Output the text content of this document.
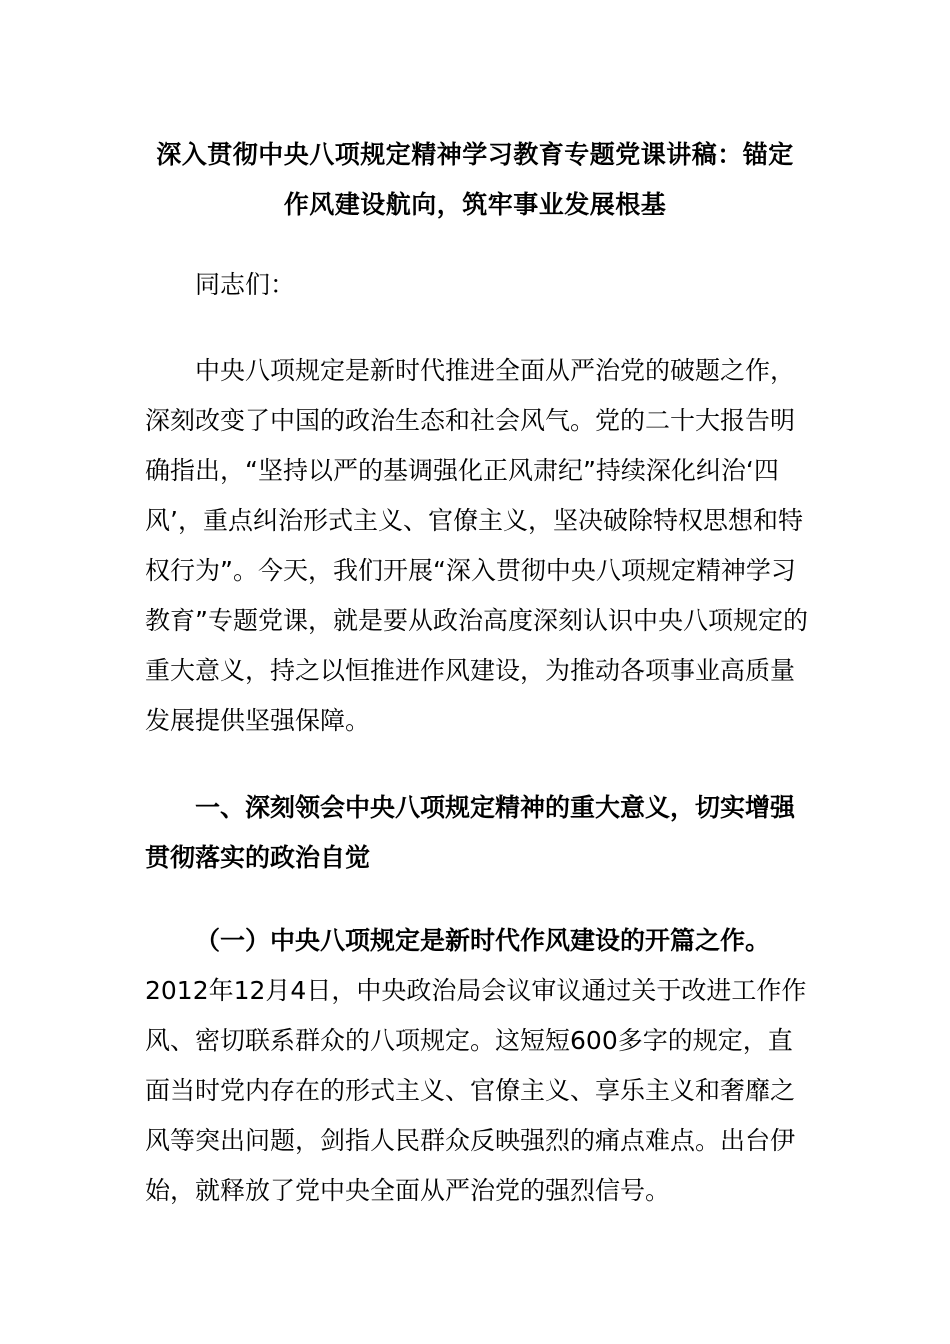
深入贯彻中央八项规定精神学习教育专题党课讲稿：锚定
作风建设航向，筑牢事业发展根基
同志们：
中央八项规定是新时代推进全面从严治党的破题之作，深刻改变了中国的政治生态和社会风气。党的二十大报告明确指出，“坚持以严的基调强化正风肃纪”持续深化纠治‘四风’，重点纠治形式主义、官僚主义，坚决破除特权思想和特权行为”。今天，我们开展“深入贯彻中央八项规定精神学习教育”专题党课，就是要从政治高度深刻认识中央八项规定的重大意义，持之以恒推进作风建设，为推动各项事业高质量发展提供坚强保障。
一、深刻领会中央八项规定精神的重大意义，切实增强贯彻落实的政治自觉
（一）中央八项规定是新时代作风建设的开篇之作。2012年12月4日，中央政治局会议审议通过关于改进工作作风、密切联系群众的八项规定。这短短600多字的规定，直面当时党内存在的形式主义、官僚主义、享乐主义和奢靡之风等突出问题，剑指人民群众反映强烈的痛点难点。出台伊始，就释放了党中央全面从严治党的强烈信号。
